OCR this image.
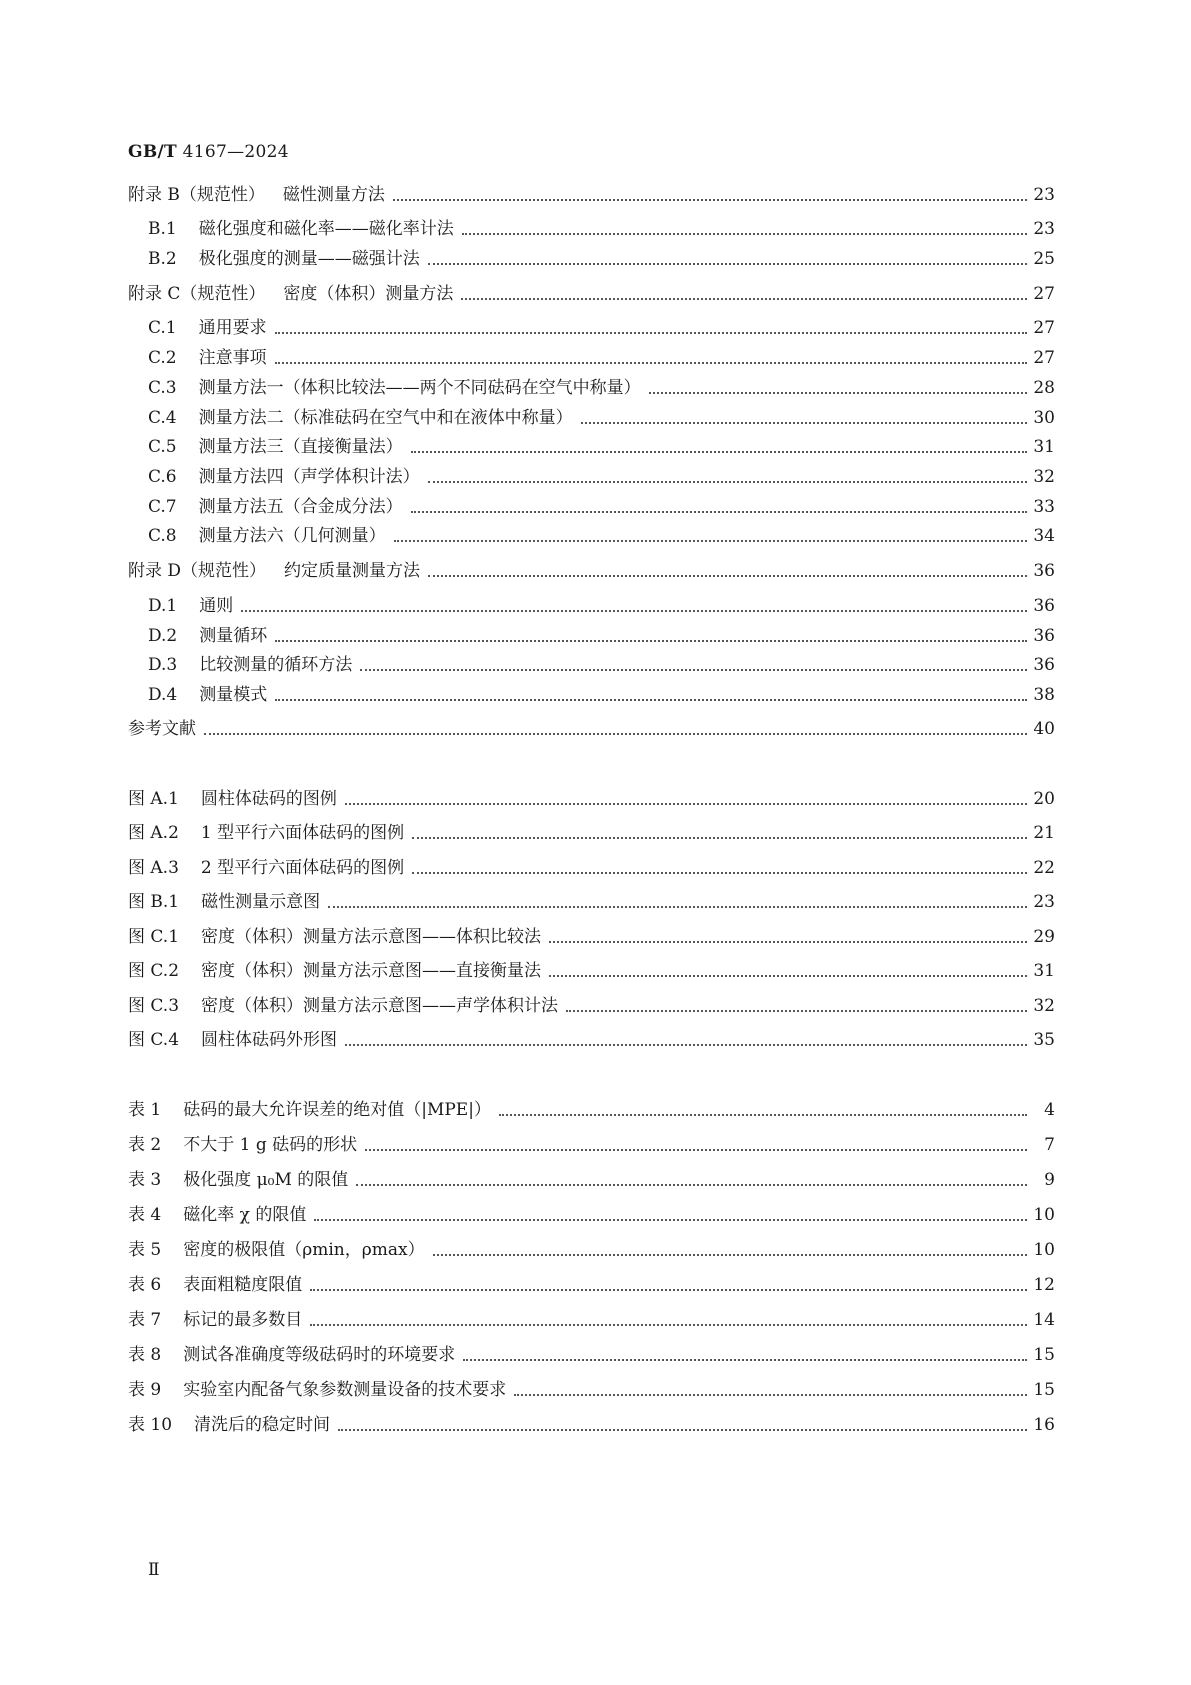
GB/T 4167—2024
附录 B（规范性） 磁性测量方法	23
B.1 磁化强度和磁化率——磁化率计法	23
B.2 极化强度的测量——磁强计法	25
附录 C（规范性） 密度（体积）测量方法	27
C.1 通用要求	27
C.2 注意事项	27
C.3 测量方法一（体积比较法——两个不同砝码在空气中称量）	28
C.4 测量方法二（标准砝码在空气中和在液体中称量）	30
C.5 测量方法三（直接衡量法）	31
C.6 测量方法四（声学体积计法）	32
C.7 测量方法五（合金成分法）	33
C.8 测量方法六（几何测量）	34
附录 D（规范性） 约定质量测量方法	36
D.1 通则	36
D.2 测量循环	36
D.3 比较测量的循环方法	36
D.4 测量模式	38
参考文献	40
图 A.1 圆柱体砝码的图例	20
图 A.2 1 型平行六面体砝码的图例	21
图 A.3 2 型平行六面体砝码的图例	22
图 B.1 磁性测量示意图	23
图 C.1 密度（体积）测量方法示意图——体积比较法	29
图 C.2 密度（体积）测量方法示意图——直接衡量法	31
图 C.3 密度（体积）测量方法示意图——声学体积计法	32
图 C.4 圆柱体砝码外形图	35
表 1 砝码的最大允许误差的绝对值（|MPE|）	4
表 2 不大于 1 g 砝码的形状	7
表 3 极化强度 μ₀M 的限值	9
表 4 磁化率 χ 的限值	10
表 5 密度的极限值（ρmin，ρmax）	10
表 6 表面粗糙度限值	12
表 7 标记的最多数目	14
表 8 测试各准确度等级砝码时的环境要求	15
表 9 实验室内配备气象参数测量设备的技术要求	15
表 10 清洗后的稳定时间	16
Ⅱ
